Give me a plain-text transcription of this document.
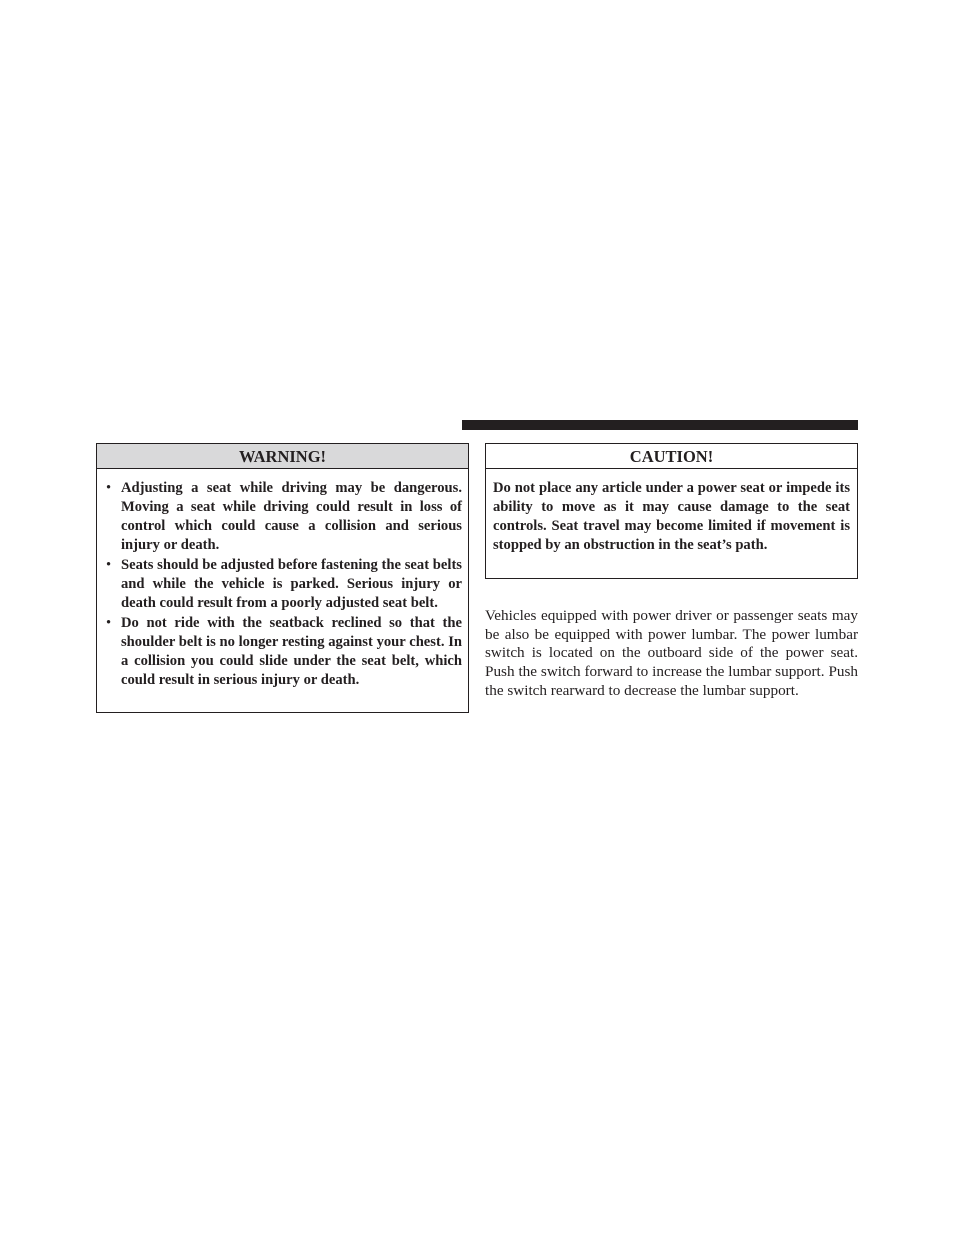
WARNING!
• Adjusting a seat while driving may be dangerous. Moving a seat while driving could result in loss of control which could cause a collision and serious injury or death.
• Seats should be adjusted before fastening the seat belts and while the vehicle is parked. Serious injury or death could result from a poorly adjusted seat belt.
• Do not ride with the seatback reclined so that the shoulder belt is no longer resting against your chest. In a collision you could slide under the seat belt, which could result in serious injury or death.
CAUTION!

Do not place any article under a power seat or impede its ability to move as it may cause damage to the seat controls. Seat travel may become limited if movement is stopped by an obstruction in the seat’s path.

Vehicles equipped with power driver or passenger seats may be also be equipped with power lumbar. The power lumbar switch is located on the outboard side of the power seat. Push the switch forward to increase the lumbar support. Push the switch rearward to decrease the lumbar support.
